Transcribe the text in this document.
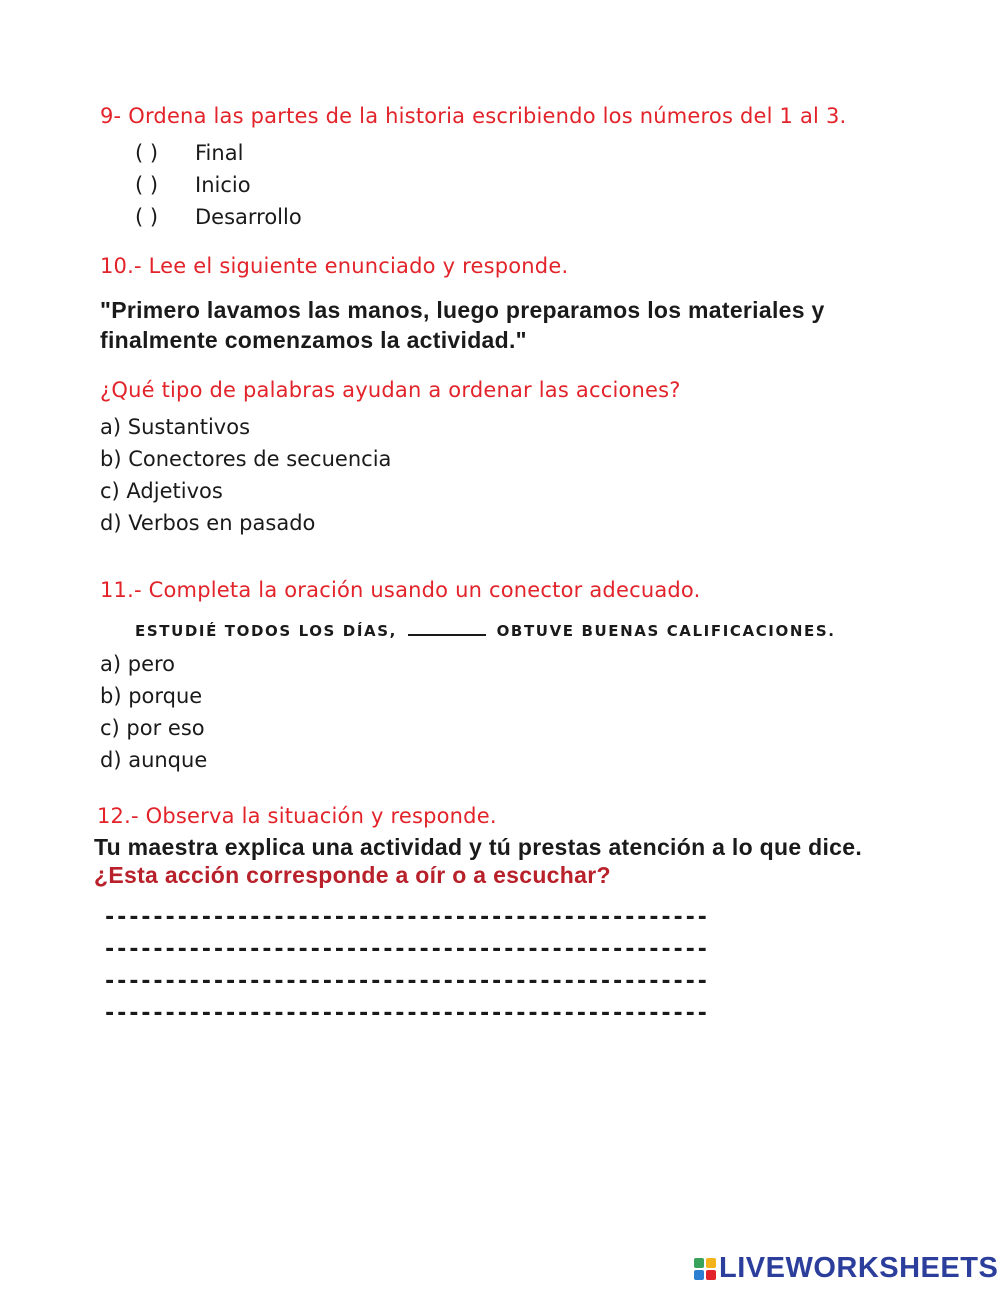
9- Ordena las partes de la historia escribiendo los números del 1 al 3.
( ) Final
( ) Inicio
( ) Desarrollo
10.- Lee el siguiente enunciado y responde.
"Primero lavamos las manos, luego preparamos los materiales y
finalmente comenzamos la actividad."
¿Qué tipo de palabras ayudan a ordenar las acciones?
a) Sustantivos
b) Conectores de secuencia
c) Adjetivos
d) Verbos en pasado
11.- Completa la oración usando un conector adecuado.
ESTUDIÉ TODOS LOS DÍAS,	OBTUVE BUENAS CALIFICACIONES.
a) pero
b) porque
c) por eso
d) aunque
12.- Observa la situación y responde.
Tu maestra explica una actividad y tú prestas atención a lo que dice.
¿Esta acción corresponde a oír o a escuchar?
--------------------------------------------------
--------------------------------------------------
--------------------------------------------------
--------------------------------------------------
LIVEWORKSHEETS
